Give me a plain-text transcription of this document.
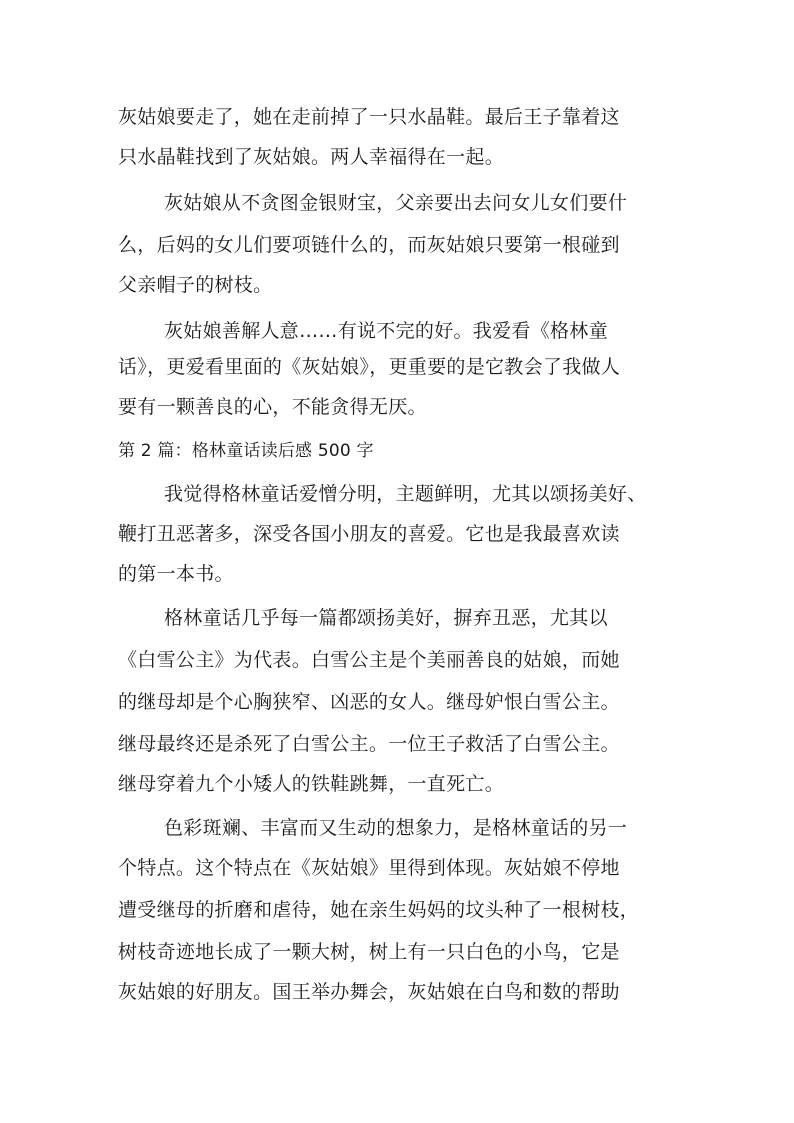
灰姑娘要走了，她在走前掉了一只水晶鞋。最后王子靠着这
只水晶鞋找到了灰姑娘。两人幸福得在一起。
灰姑娘从不贪图金银财宝，父亲要出去问女儿女们要什
么，后妈的女儿们要项链什么的，而灰姑娘只要第一根碰到
父亲帽子的树枝。
灰姑娘善解人意……有说不完的好。我爱看《格林童
话》，更爱看里面的《灰姑娘》，更重要的是它教会了我做人
要有一颗善良的心，不能贪得无厌。
第 2 篇：格林童话读后感 500 字
我觉得格林童话爱憎分明，主题鲜明，尤其以颂扬美好、
鞭打丑恶著多，深受各国小朋友的喜爱。它也是我最喜欢读
的第一本书。
格林童话几乎每一篇都颂扬美好，摒弃丑恶，尤其以
《白雪公主》为代表。白雪公主是个美丽善良的姑娘，而她
的继母却是个心胸狭窄、凶恶的女人。继母妒恨白雪公主。
继母最终还是杀死了白雪公主。一位王子救活了白雪公主。
继母穿着九个小矮人的铁鞋跳舞，一直死亡。
色彩斑斓、丰富而又生动的想象力，是格林童话的另一
个特点。这个特点在《灰姑娘》里得到体现。灰姑娘不停地
遭受继母的折磨和虐待，她在亲生妈妈的坟头种了一根树枝，
树枝奇迹地长成了一颗大树，树上有一只白色的小鸟，它是
灰姑娘的好朋友。国王举办舞会，灰姑娘在白鸟和数的帮助
